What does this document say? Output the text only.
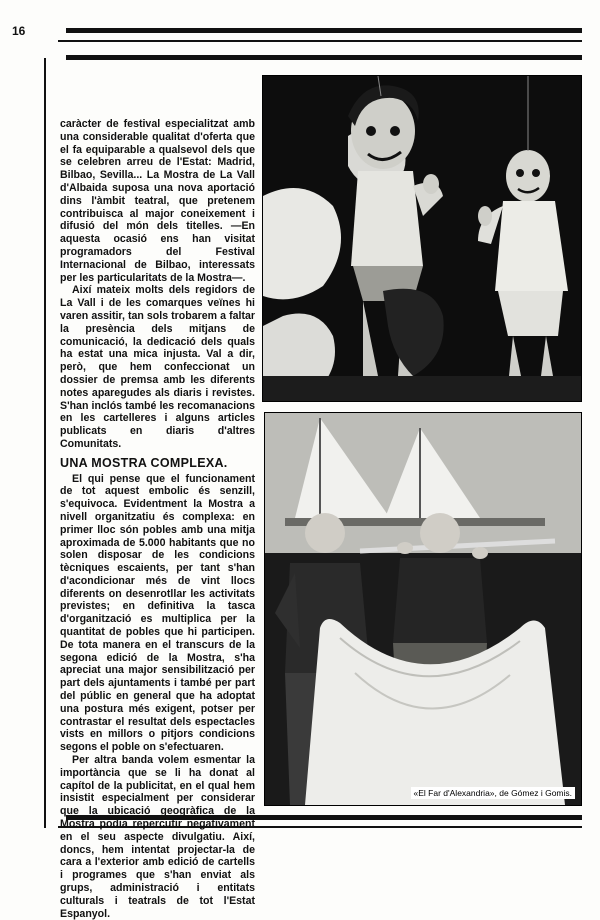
16

caràcter de festival especialitzat amb una considerable qualitat d'oferta que el fa equiparable a qualsevol dels que se celebren arreu de l'Estat: Madrid, Bilbao, Sevilla... La Mostra de La Vall d'Albaida suposa una nova aportació dins l'àmbit teatral, que pretenem contribuisca al major coneixement i difusió del món dels titelles. —En aquesta ocasió ens han visitat programadors del Festival Internacional de Bilbao, interessats per les particularitats de la Mostra—.

Així mateix molts dels regidors de La Vall i de les comarques veïnes hi varen assitir, tan sols trobarem a faltar la presència dels mitjans de comunicació, la dedicació dels quals ha estat una mica injusta. Val a dir, però, que hem confeccionat un dossier de premsa amb les diferents notes aparegudes als diaris i revistes. S'han inclós també les recomanacions en les cartelleres i alguns articles publicats en diaris d'altres Comunitats.

UNA MOSTRA COMPLEXA.

El qui pense que el funcionament de tot aquest embolic és senzill, s'equivoca. Evidentment la Mostra a nivell organitzatiu és complexa: en primer lloc són pobles amb una mitja aproximada de 5.000 habitants que no solen disposar de les condicions tècniques escaients, per tant s'han d'acondicionar més de vint llocs diferents on desenrotllar les activitats previstes; en definitiva la tasca d'organització es multiplica per la quantitat de pobles que hi participen. De tota manera en el transcurs de la segona edició de la Mostra, s'ha apreciat una major sensibilització per part dels ajuntaments i també per part del públic en general que ha adoptat una postura més exigent, potser per contrastar el resultat dels espectacles vists en millors o pitjors condicions segons el poble on s'efectuaren.

Per altra banda volem esmentar la importància que se li ha donat al capítol de la publicitat, en el qual hem insistit especialment per considerar que la ubicació geogràfica de la Mostra podia repercutir negativament en el seu aspecte divulgatiu. Així, doncs, hem intentat projectar-la de cara a l'exterior amb edició de cartells i programes que s'han enviat als grups, administració i entitats culturals i teatrals de tot l'Estat Espanyol.

«El Far d'Alexandria», de Gómez i Gomis.
